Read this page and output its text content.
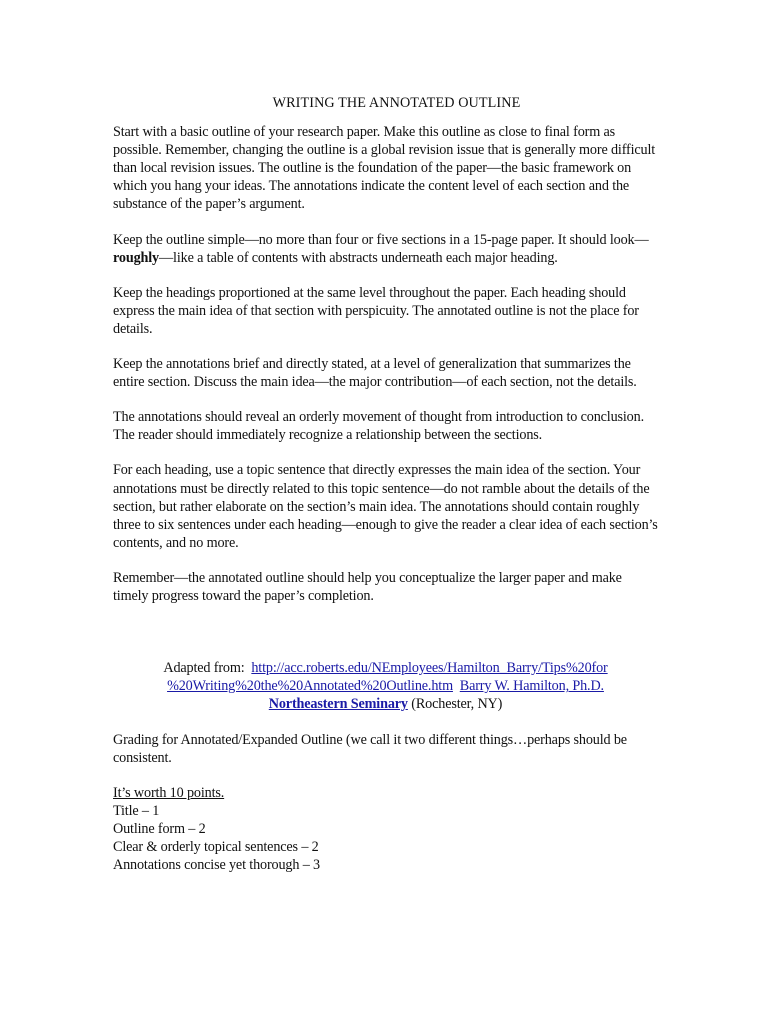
WRITING THE ANNOTATED OUTLINE

Start with a basic outline of your research paper. Make this outline as close to final form as possible. Remember, changing the outline is a global revision issue that is generally more difficult than local revision issues. The outline is the foundation of the paper—the basic framework on which you hang your ideas. The annotations indicate the content level of each section and the substance of the paper’s argument.

Keep the outline simple—no more than four or five sections in a 15-page paper. It should look—roughly—like a table of contents with abstracts underneath each major heading.

Keep the headings proportioned at the same level throughout the paper. Each heading should express the main idea of that section with perspicuity. The annotated outline is not the place for details.

Keep the annotations brief and directly stated, at a level of generalization that summarizes the entire section. Discuss the main idea—the major contribution—of each section, not the details.

The annotations should reveal an orderly movement of thought from introduction to conclusion. The reader should immediately recognize a relationship between the sections.

For each heading, use a topic sentence that directly expresses the main idea of the section. Your annotations must be directly related to this topic sentence—do not ramble about the details of the section, but rather elaborate on the section’s main idea. The annotations should contain roughly three to six sentences under each heading—enough to give the reader a clear idea of each section’s contents, and no more.

Remember—the annotated outline should help you conceptualize the larger paper and make timely progress toward the paper’s completion.

Adapted from: http://acc.roberts.edu/NEmployees/Hamilton_Barry/Tips%20for
%20Writing%20the%20Annotated%20Outline.htm Barry W. Hamilton, Ph.D.
Northeastern Seminary (Rochester, NY)

Grading for Annotated/Expanded Outline (we call it two different things…perhaps should be consistent.

It’s worth 10 points.
Title – 1
Outline form – 2
Clear & orderly topical sentences – 2
Annotations concise yet thorough – 3
